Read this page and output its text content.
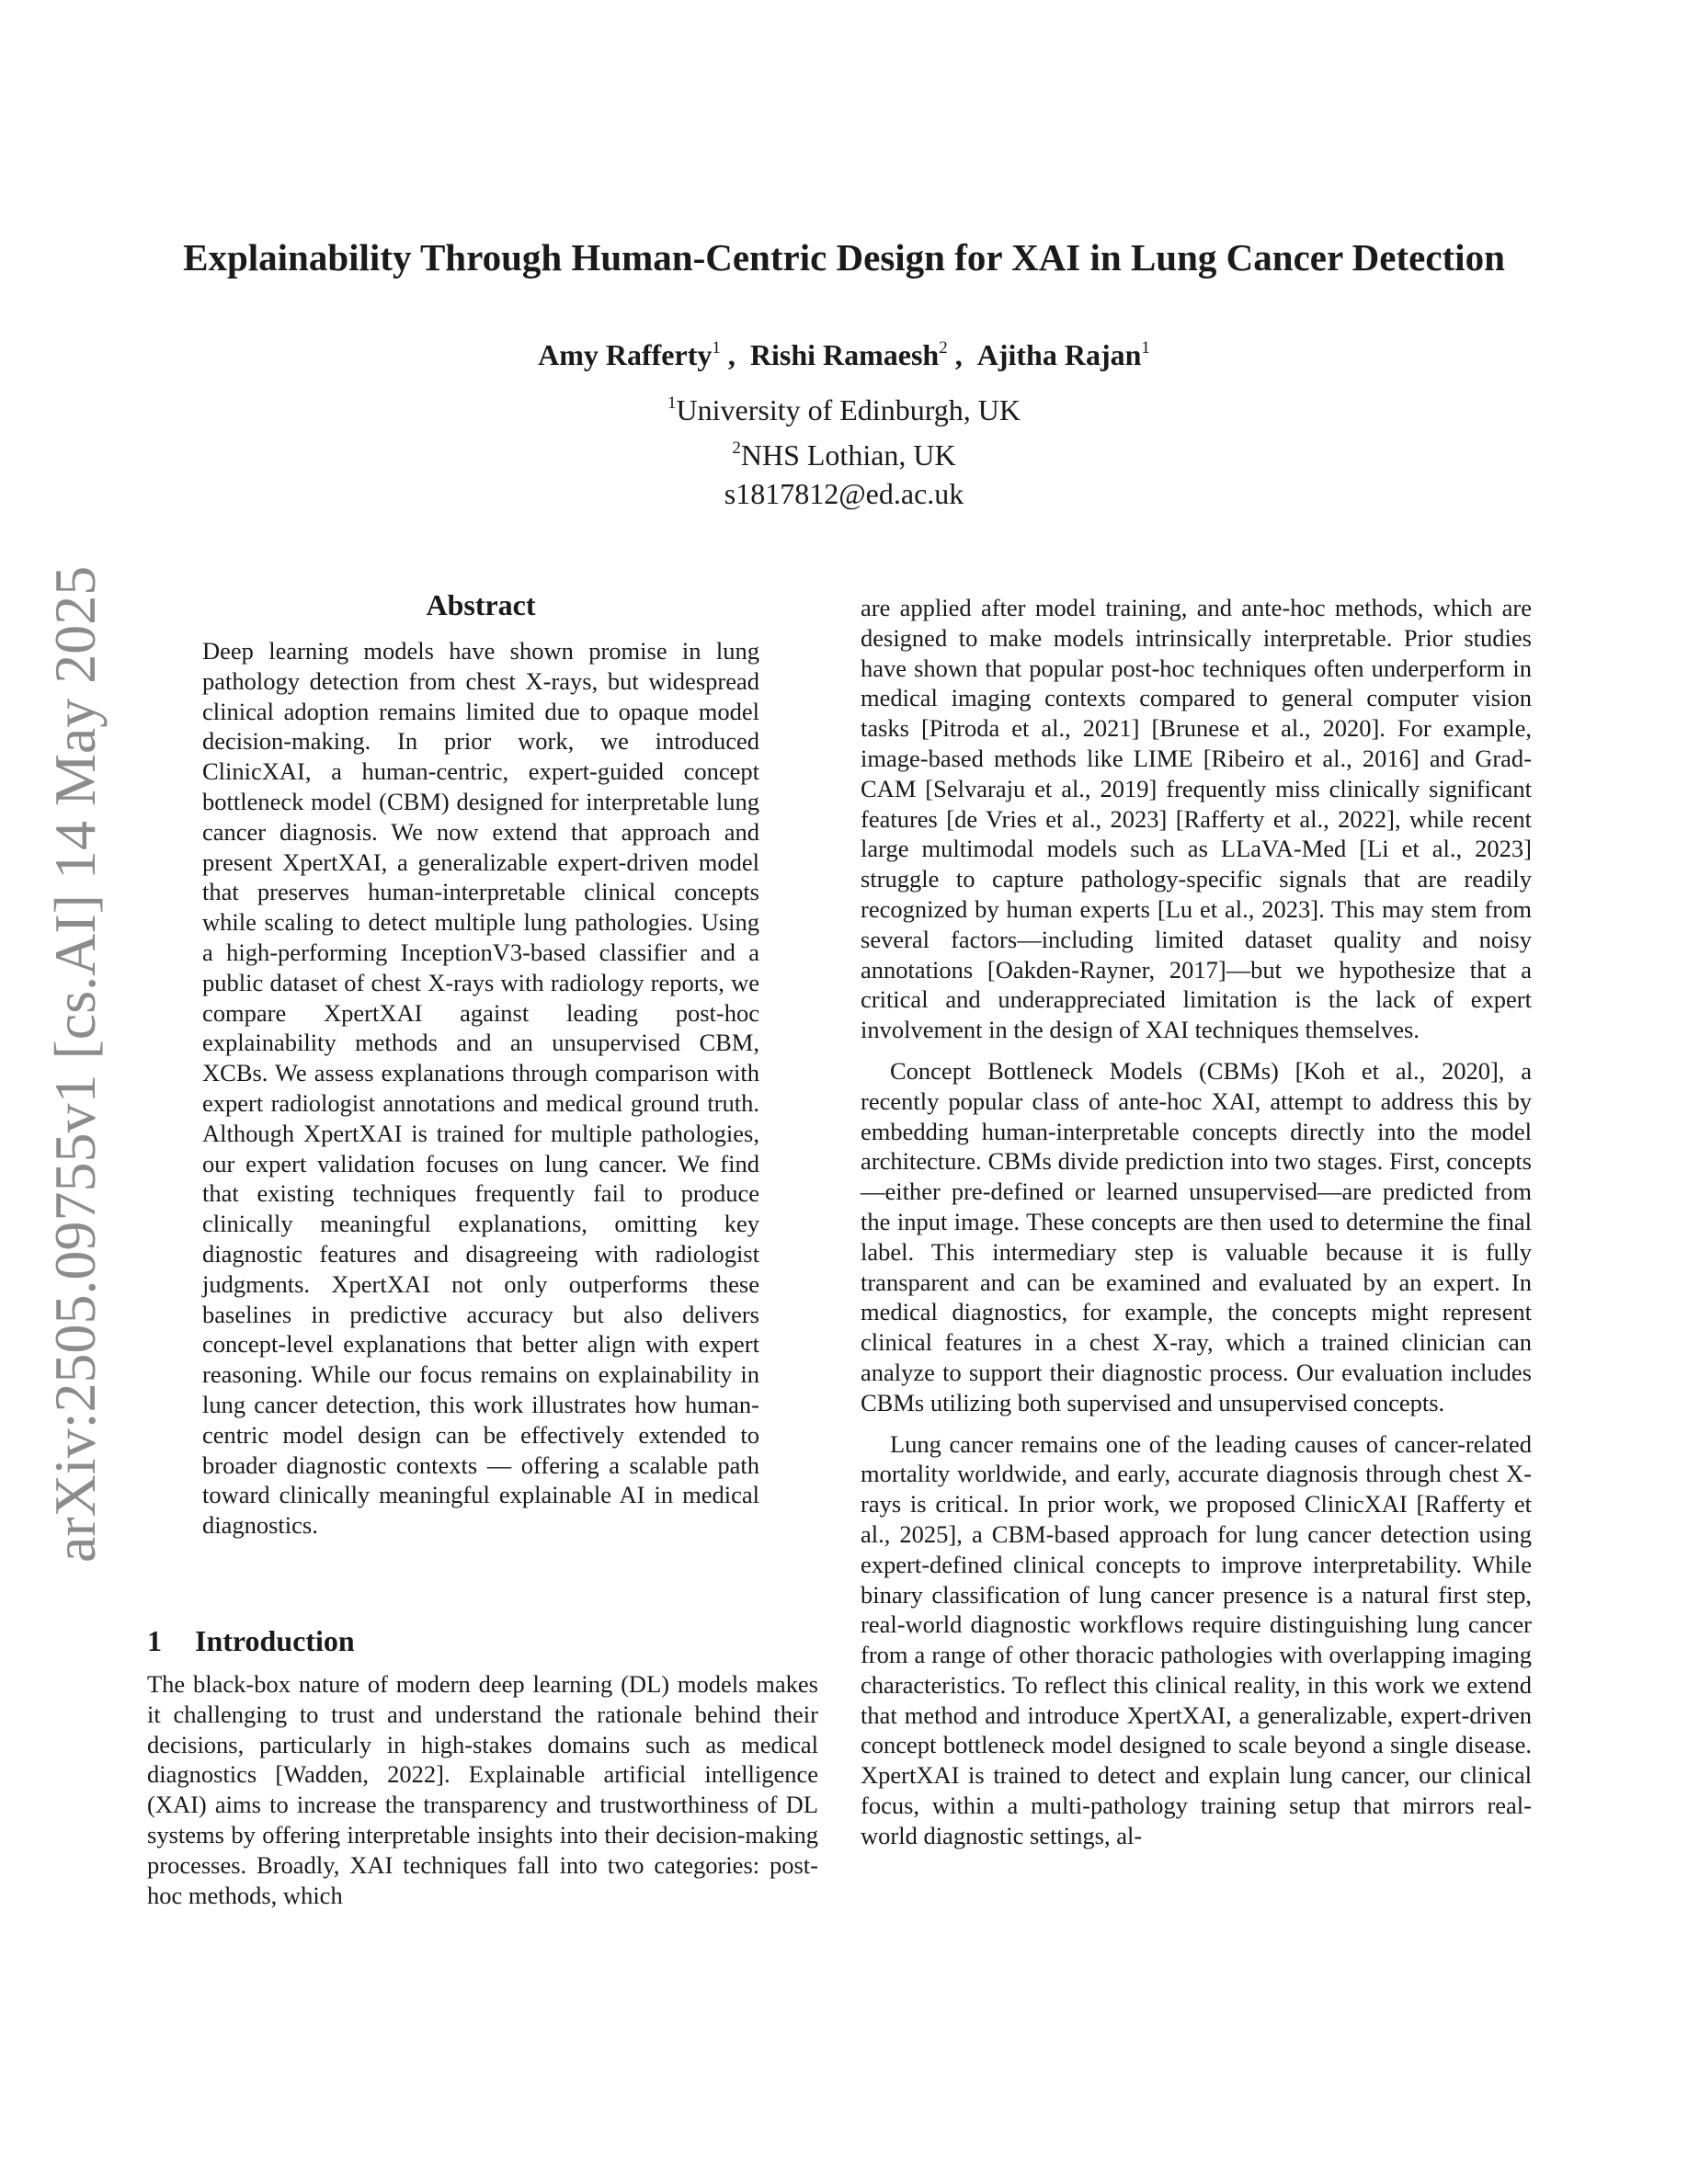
arXiv:2505.09755v1 [cs.AI] 14 May 2025
Explainability Through Human-Centric Design for XAI in Lung Cancer Detection
Amy Rafferty$^1$ ,  Rishi Ramaesh$^2$ ,  Ajitha Rajan$^1$
$^1$University of Edinburgh, UK
$^2$NHS Lothian, UK
s1817812@ed.ac.uk
Abstract

Deep learning models have shown promise in lung pathology detection from chest X-rays, but widespread clinical adoption remains limited due to opaque model decision-making. In prior work, we introduced ClinicXAI, a human-centric, expert-guided concept bottleneck model (CBM) designed for interpretable lung cancer diagnosis. We now extend that approach and present XpertXAI, a generalizable expert-driven model that preserves human-interpretable clinical concepts while scaling to detect multiple lung pathologies. Using a high-performing InceptionV3-based classifier and a public dataset of chest X-rays with radiology reports, we compare XpertXAI against leading post-hoc explainability methods and an unsupervised CBM, XCBs. We assess explanations through comparison with expert radiologist annotations and medical ground truth. Although XpertXAI is trained for multiple pathologies, our expert validation focuses on lung cancer. We find that existing techniques frequently fail to produce clinically meaningful explanations, omitting key diagnostic features and disagreeing with radiologist judgments. XpertXAI not only outperforms these baselines in predictive accuracy but also delivers concept-level explanations that better align with expert reasoning. While our focus remains on explainability in lung cancer detection, this work illustrates how human-centric model design can be effectively extended to broader diagnostic contexts — offering a scalable path toward clinically meaningful explainable AI in medical diagnostics.

1 Introduction

The black-box nature of modern deep learning (DL) models makes it challenging to trust and understand the rationale behind their decisions, particularly in high-stakes domains such as medical diagnostics [Wadden, 2022]. Explainable artificial intelligence (XAI) aims to increase the transparency and trustworthiness of DL systems by offering interpretable insights into their decision-making processes. Broadly, XAI techniques fall into two categories: post-hoc methods, which

are applied after model training, and ante-hoc methods, which are designed to make models intrinsically interpretable. Prior studies have shown that popular post-hoc techniques often underperform in medical imaging contexts compared to general computer vision tasks [Pitroda et al., 2021] [Brunese et al., 2020]. For example, image-based methods like LIME [Ribeiro et al., 2016] and Grad-CAM [Selvaraju et al., 2019] frequently miss clinically significant features [de Vries et al., 2023] [Rafferty et al., 2022], while recent large multimodal models such as LLaVA-Med [Li et al., 2023] struggle to capture pathology-specific signals that are readily recognized by human experts [Lu et al., 2023]. This may stem from several factors—including limited dataset quality and noisy annotations [Oakden-Rayner, 2017]—but we hypothesize that a critical and underappreciated limitation is the lack of expert involvement in the design of XAI techniques themselves.

Concept Bottleneck Models (CBMs) [Koh et al., 2020], a recently popular class of ante-hoc XAI, attempt to address this by embedding human-interpretable concepts directly into the model architecture. CBMs divide prediction into two stages. First, concepts—either pre-defined or learned unsupervised—are predicted from the input image. These concepts are then used to determine the final label. This intermediary step is valuable because it is fully transparent and can be examined and evaluated by an expert. In medical diagnostics, for example, the concepts might represent clinical features in a chest X-ray, which a trained clinician can analyze to support their diagnostic process. Our evaluation includes CBMs utilizing both supervised and unsupervised concepts.

Lung cancer remains one of the leading causes of cancer-related mortality worldwide, and early, accurate diagnosis through chest X-rays is critical. In prior work, we proposed ClinicXAI [Rafferty et al., 2025], a CBM-based approach for lung cancer detection using expert-defined clinical concepts to improve interpretability. While binary classification of lung cancer presence is a natural first step, real-world diagnostic workflows require distinguishing lung cancer from a range of other thoracic pathologies with overlapping imaging characteristics. To reflect this clinical reality, in this work we extend that method and introduce XpertXAI, a generalizable, expert-driven concept bottleneck model designed to scale beyond a single disease. XpertXAI is trained to detect and explain lung cancer, our clinical focus, within a multi-pathology training setup that mirrors real-world diagnostic settings, al-
